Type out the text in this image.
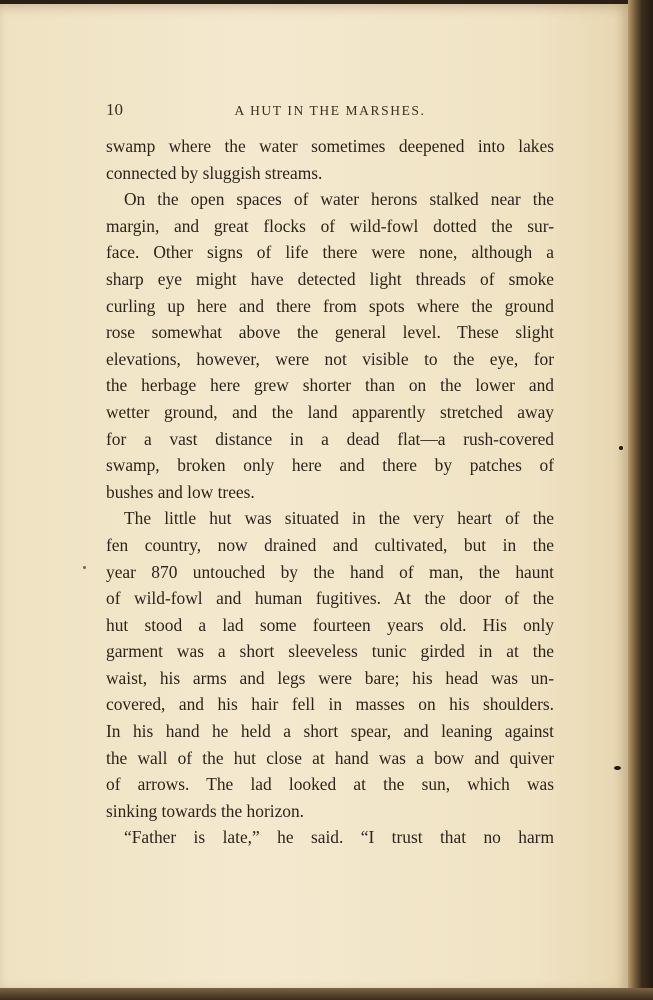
10	A HUT IN THE MARSHES.
swamp where the water sometimes deepened into lakes
connected by sluggish streams.
On the open spaces of water herons stalked near the
margin, and great flocks of wild-fowl dotted the sur-
face. Other signs of life there were none, although a
sharp eye might have detected light threads of smoke
curling up here and there from spots where the ground
rose somewhat above the general level. These slight
elevations, however, were not visible to the eye, for
the herbage here grew shorter than on the lower and
wetter ground, and the land apparently stretched away
for a vast distance in a dead flat—a rush-covered
swamp, broken only here and there by patches of
bushes and low trees.
The little hut was situated in the very heart of the
fen country, now drained and cultivated, but in the
year 870 untouched by the hand of man, the haunt
of wild-fowl and human fugitives. At the door of the
hut stood a lad some fourteen years old. His only
garment was a short sleeveless tunic girded in at the
waist, his arms and legs were bare; his head was un-
covered, and his hair fell in masses on his shoulders.
In his hand he held a short spear, and leaning against
the wall of the hut close at hand was a bow and quiver
of arrows. The lad looked at the sun, which was
sinking towards the horizon.
“Father is late,” he said. “I trust that no harm
